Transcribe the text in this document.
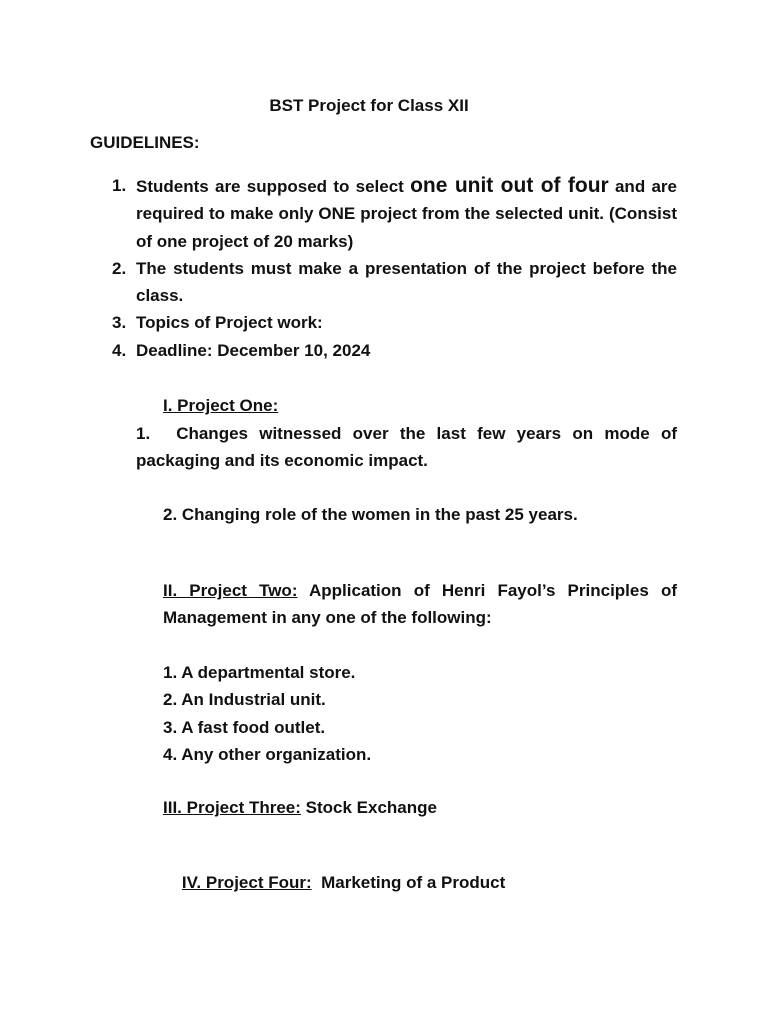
BST Project for Class XII
GUIDELINES:
1. Students are supposed to select one unit out of four and are required to make only ONE project from the selected unit. (Consist of one project of 20 marks)
2. The students must make a presentation of the project before the class.
3. Topics of Project work:
4. Deadline: December 10, 2024
I. Project One:
1. Changes witnessed over the last few years on mode of packaging and its economic impact.
2. Changing role of the women in the past 25 years.
II. Project Two: Application of Henri Fayol’s Principles of Management in any one of the following:
1. A departmental store.
2. An Industrial unit.
3. A fast food outlet.
4. Any other organization.
III. Project Three: Stock Exchange

IV. Project Four:  Marketing of a Product
